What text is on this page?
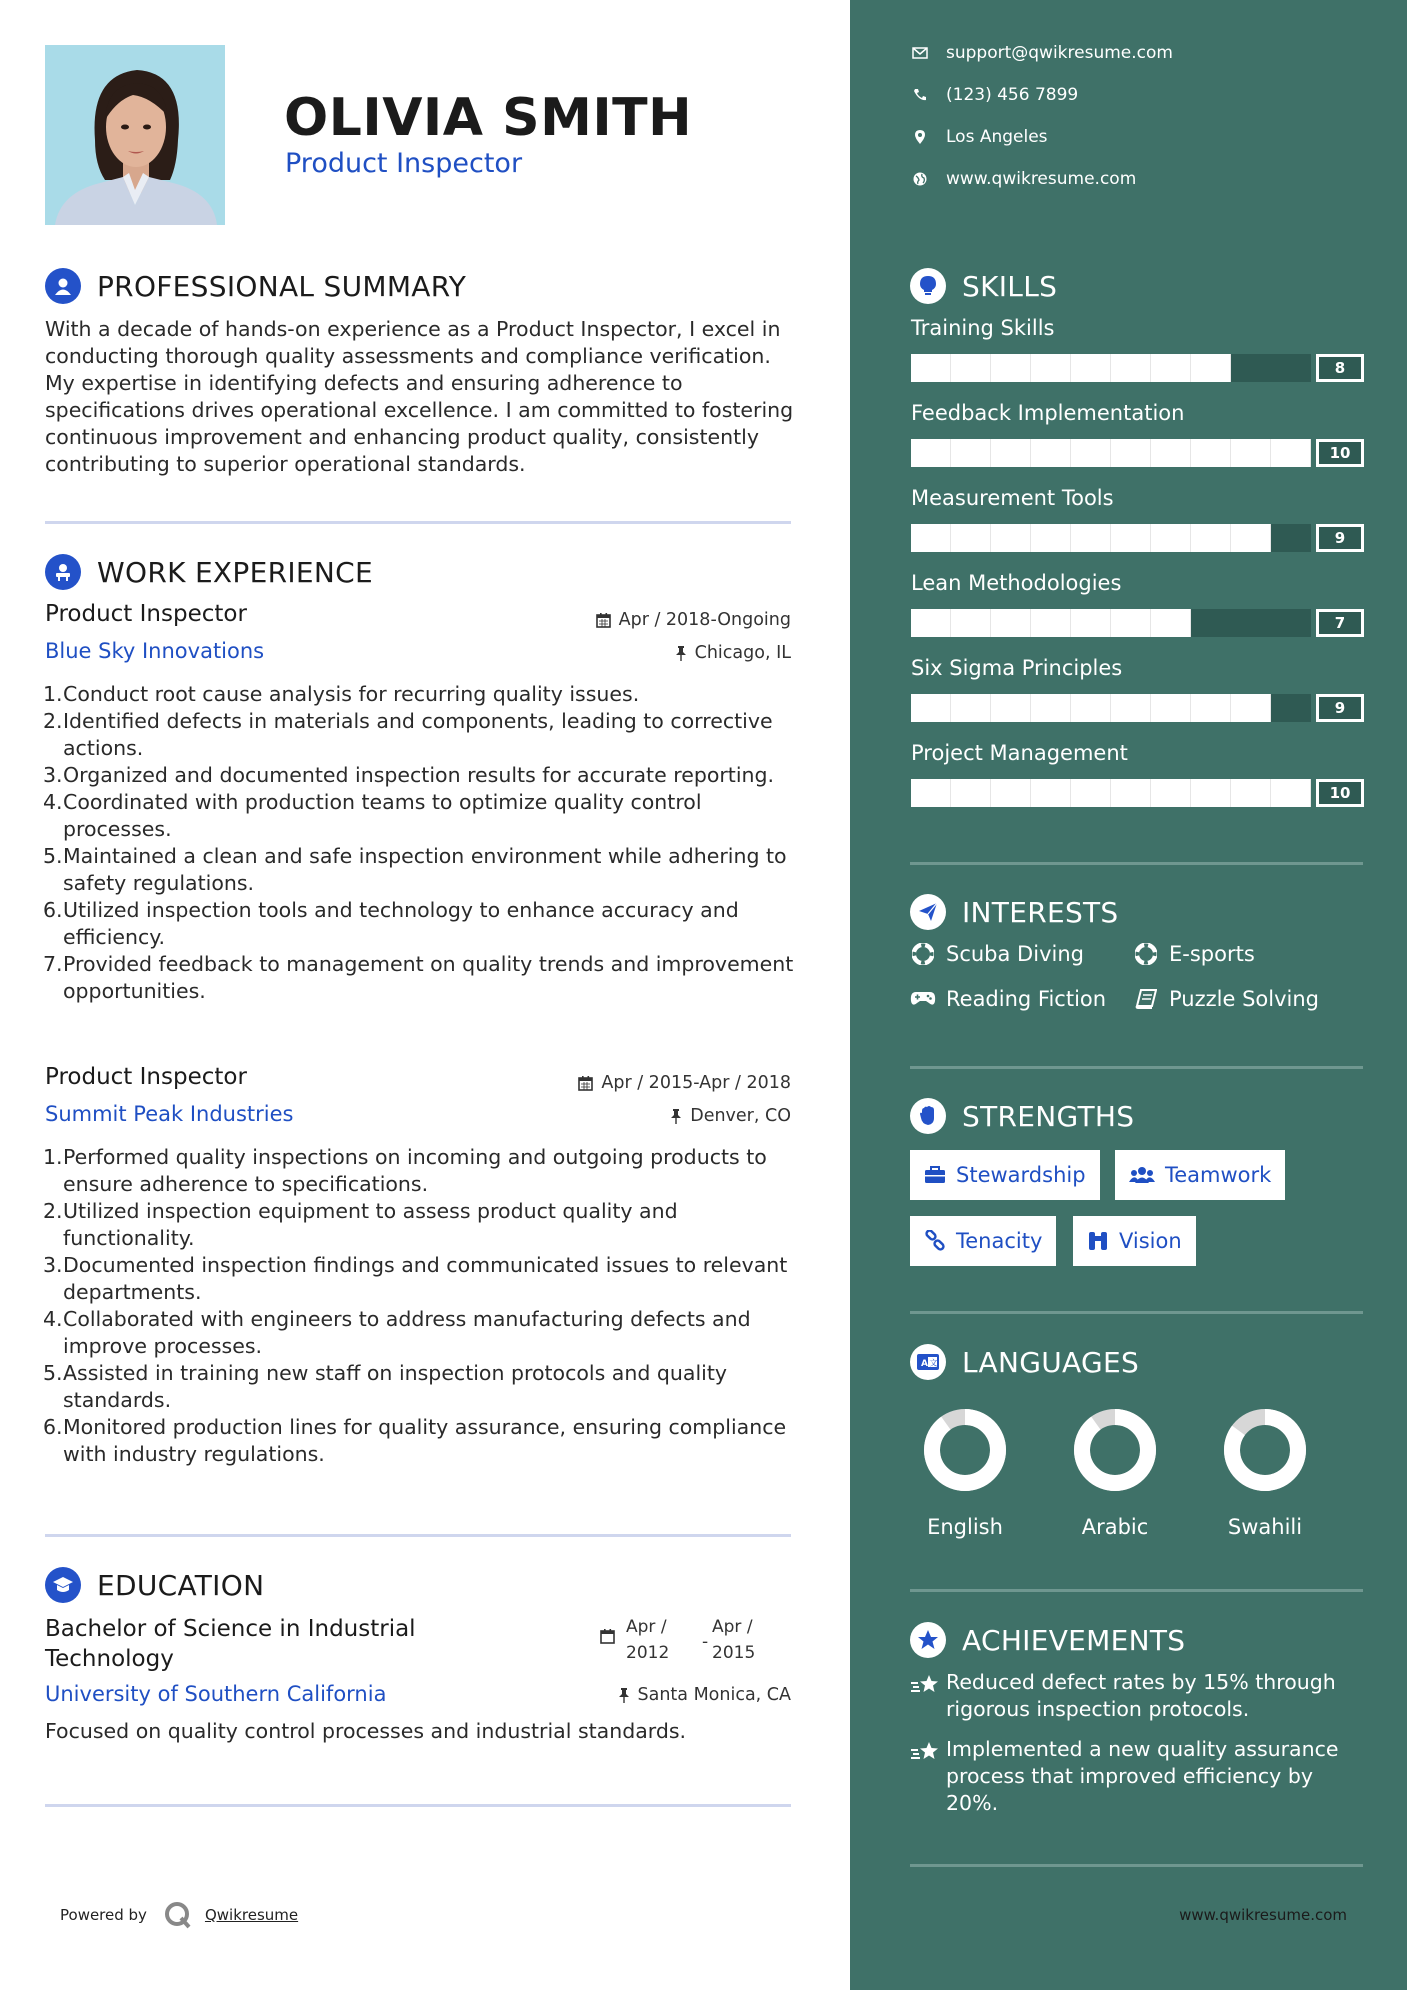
OLIVIA SMITH
Product Inspector
PROFESSIONAL SUMMARY
With a decade of hands-on experience as a Product Inspector, I excel in conducting thorough quality assessments and compliance verification. My expertise in identifying defects and ensuring adherence to specifications drives operational excellence. I am committed to fostering continuous improvement and enhancing product quality, consistently contributing to superior operational standards.
WORK EXPERIENCE
Product Inspector	Apr / 2018-Ongoing
Blue Sky Innovations	Chicago, IL
1. Conduct root cause analysis for recurring quality issues.
2. Identified defects in materials and components, leading to corrective actions.
3. Organized and documented inspection results for accurate reporting.
4. Coordinated with production teams to optimize quality control processes.
5. Maintained a clean and safe inspection environment while adhering to safety regulations.
6. Utilized inspection tools and technology to enhance accuracy and efficiency.
7. Provided feedback to management on quality trends and improvement opportunities.
Product Inspector	Apr / 2015-Apr / 2018
Summit Peak Industries	Denver, CO
1. Performed quality inspections on incoming and outgoing products to ensure adherence to specifications.
2. Utilized inspection equipment to assess product quality and functionality.
3. Documented inspection findings and communicated issues to relevant departments.
4. Collaborated with engineers to address manufacturing defects and improve processes.
5. Assisted in training new staff on inspection protocols and quality standards.
6. Monitored production lines for quality assurance, ensuring compliance with industry regulations.
EDUCATION
Bachelor of Science in Industrial Technology
Apr /
2012
-
Apr /
2015
University of Southern California	Santa Monica, CA
Focused on quality control processes and industrial standards.
Powered by	Qwikresume
support@qwikresume.com
(123) 456 7899
Los Angeles
www.qwikresume.com
SKILLS
Training Skills
8
Feedback Implementation
10
Measurement Tools
9
Lean Methodologies
7
Six Sigma Principles
9
Project Management
10
INTERESTS
Scuba Diving	E-sports
Reading Fiction	Puzzle Solving
STRENGTHS
Stewardship	Teamwork
Tenacity	Vision
A 文 LANGUAGES
English	Arabic	Swahili
ACHIEVEMENTS
Reduced defect rates by 15% through rigorous inspection protocols.
Implemented a new quality assurance process that improved efficiency by 20%.
www.qwikresume.com
